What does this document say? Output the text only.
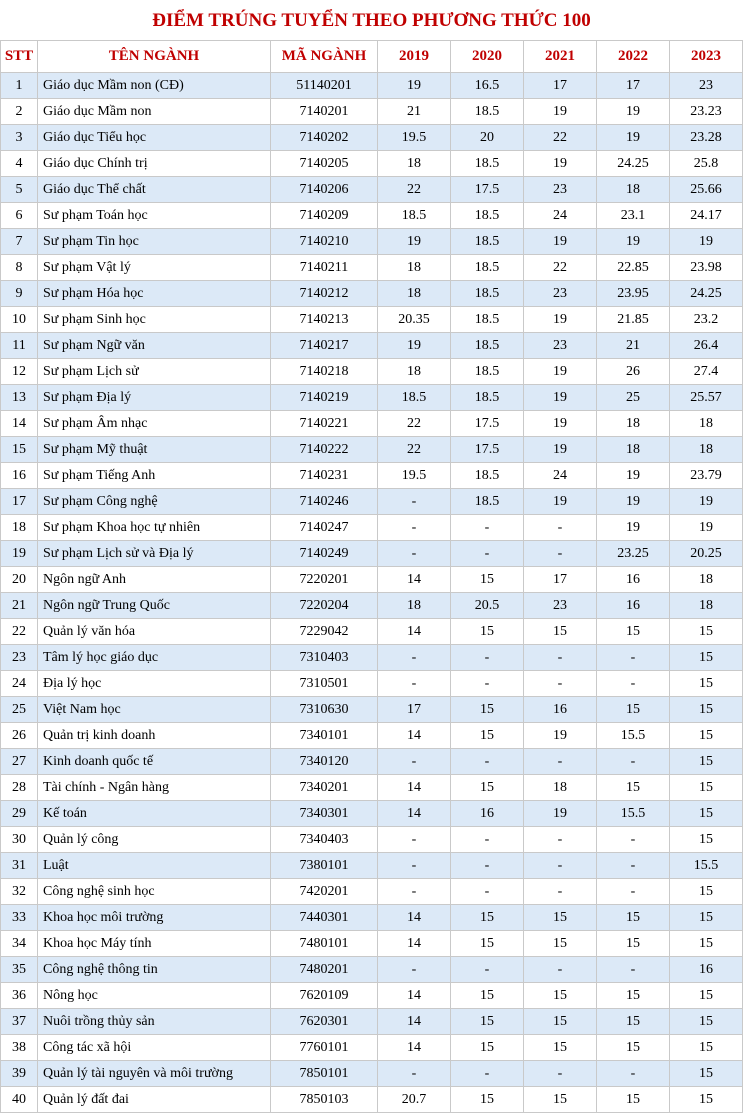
ĐIỂM TRÚNG TUYỂN THEO PHƯƠNG THỨC 100
STT	TÊN NGÀNH	MÃ NGÀNH	2019	2020	2021	2022	2023
1	Giáo dục Mầm non (CĐ)	51140201	19	16.5	17	17	23
2	Giáo dục Mầm non	7140201	21	18.5	19	19	23.23
3	Giáo dục Tiểu học	7140202	19.5	20	22	19	23.28
4	Giáo dục Chính trị	7140205	18	18.5	19	24.25	25.8
5	Giáo dục Thể chất	7140206	22	17.5	23	18	25.66
6	Sư phạm Toán học	7140209	18.5	18.5	24	23.1	24.17
7	Sư phạm Tin học	7140210	19	18.5	19	19	19
8	Sư phạm Vật lý	7140211	18	18.5	22	22.85	23.98
9	Sư phạm Hóa học	7140212	18	18.5	23	23.95	24.25
10	Sư phạm Sinh học	7140213	20.35	18.5	19	21.85	23.2
11	Sư phạm Ngữ văn	7140217	19	18.5	23	21	26.4
12	Sư phạm Lịch sử	7140218	18	18.5	19	26	27.4
13	Sư phạm Địa lý	7140219	18.5	18.5	19	25	25.57
14	Sư phạm Âm nhạc	7140221	22	17.5	19	18	18
15	Sư phạm Mỹ thuật	7140222	22	17.5	19	18	18
16	Sư phạm Tiếng Anh	7140231	19.5	18.5	24	19	23.79
17	Sư phạm Công nghệ	7140246	-	18.5	19	19	19
18	Sư phạm Khoa học tự nhiên	7140247	-	-	-	19	19
19	Sư phạm Lịch sử và Địa lý	7140249	-	-	-	23.25	20.25
20	Ngôn ngữ Anh	7220201	14	15	17	16	18
21	Ngôn ngữ Trung Quốc	7220204	18	20.5	23	16	18
22	Quản lý văn hóa	7229042	14	15	15	15	15
23	Tâm lý học giáo dục	7310403	-	-	-	-	15
24	Địa lý học	7310501	-	-	-	-	15
25	Việt Nam học	7310630	17	15	16	15	15
26	Quản trị kinh doanh	7340101	14	15	19	15.5	15
27	Kinh doanh quốc tế	7340120	-	-	-	-	15
28	Tài chính - Ngân hàng	7340201	14	15	18	15	15
29	Kế toán	7340301	14	16	19	15.5	15
30	Quản lý công	7340403	-	-	-	-	15
31	Luật	7380101	-	-	-	-	15.5
32	Công nghệ sinh học	7420201	-	-	-	-	15
33	Khoa học môi trường	7440301	14	15	15	15	15
34	Khoa học Máy tính	7480101	14	15	15	15	15
35	Công nghệ thông tin	7480201	-	-	-	-	16
36	Nông học	7620109	14	15	15	15	15
37	Nuôi trồng thủy sản	7620301	14	15	15	15	15
38	Công tác xã hội	7760101	14	15	15	15	15
39	Quản lý tài nguyên và môi trường	7850101	-	-	-	-	15
40	Quản lý đất đai	7850103	20.7	15	15	15	15
